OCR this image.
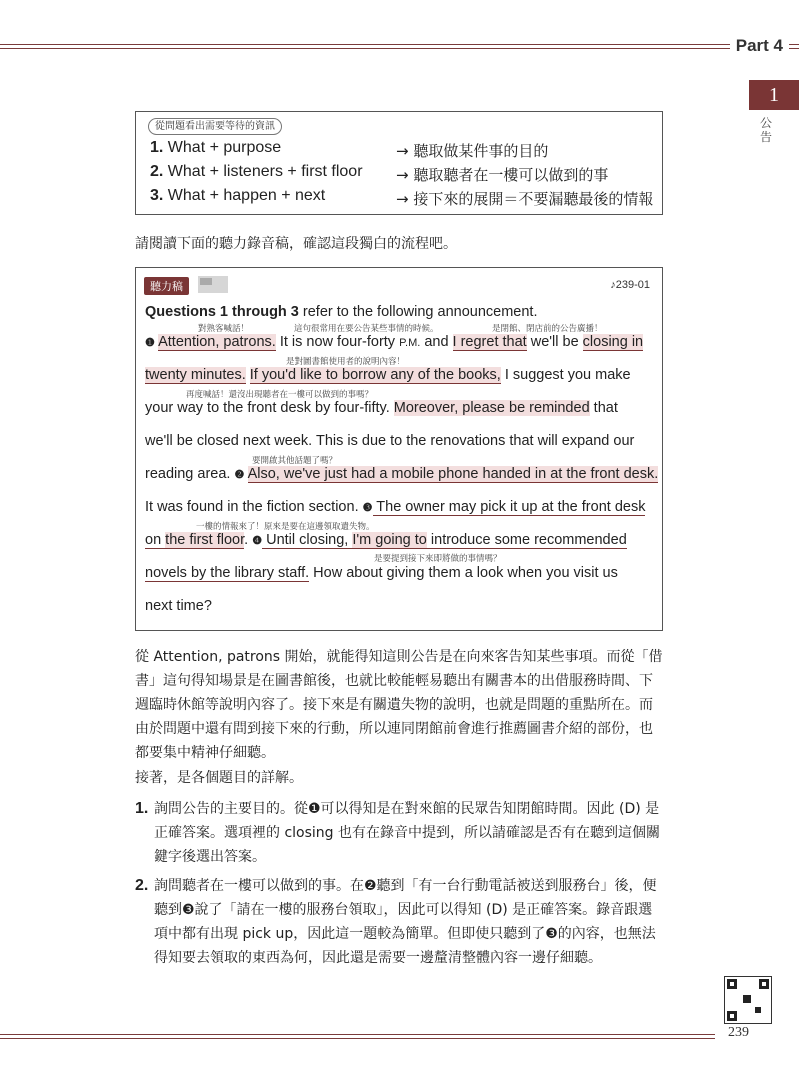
Part 4
1
公告
從問題看出需要等待的資訊
1. What + purpose	→ 聽取做某件事的目的
2. What + listeners + first floor → 聽取聽者在一樓可以做到的事
3. What + happen + next	→ 接下來的展開＝不要漏聽最後的情報
請閱讀下面的聽力錄音稿，確認這段獨白的流程吧。
聽力稿	♪239-01
Questions 1 through 3 refer to the following announcement.
對熟客喊話！	這句很常用在要公告某些事情的時候。	是閉館、閉店前的公告廣播！
❶ Attention, patrons. It is now four-forty P.M. and I regret that we'll be closing in
是對圖書館使用者的說明內容！
twenty minutes. If you'd like to borrow any of the books, I suggest you make
再度喊話！還沒出現聽者在一樓可以做到的事嗎？
your way to the front desk by four-fifty. Moreover, please be reminded that
we'll be closed next week. This is due to the renovations that will expand our
要開啟其他話題了嗎？
reading area. ❷ Also, we've just had a mobile phone handed in at the front desk.
It was found in the fiction section. ❸ The owner may pick it up at the front desk
一樓的情報來了！原來是要在這邊領取遺失物。
on the first floor. ❹ Until closing, I'm going to introduce some recommended
是要提到接下來即將做的事情嗎？
novels by the library staff. How about giving them a look when you visit us
next time?
從 Attention, patrons 開始，就能得知這則公告是在向來客告知某些事項。而從「借書」這句得知場景是在圖書館後，也就比較能輕易聽出有關書本的出借服務時間、下週臨時休館等說明內容了。接下來是有關遺失物的說明，也就是問題的重點所在。而由於問題中還有問到接下來的行動，所以連同閉館前會進行推薦圖書介紹的部份，也都要集中精神仔細聽。
接著，是各個題目的詳解。
1. 詢問公告的主要目的。從❶可以得知是在對來館的民眾告知閉館時間。因此 (D) 是正確答案。選項裡的 closing 也有在錄音中提到，所以請確認是否有在聽到這個關鍵字後選出答案。
2. 詢問聽者在一樓可以做到的事。在❷聽到「有一台行動電話被送到服務台」後，便聽到❸說了「請在一樓的服務台領取」，因此可以得知 (D) 是正確答案。錄音跟選項中都有出現 pick up，因此這一題較為簡單。但即使只聽到了❸的內容，也無法得知要去領取的東西為何，因此還是需要一邊釐清整體內容一邊仔細聽。
239
